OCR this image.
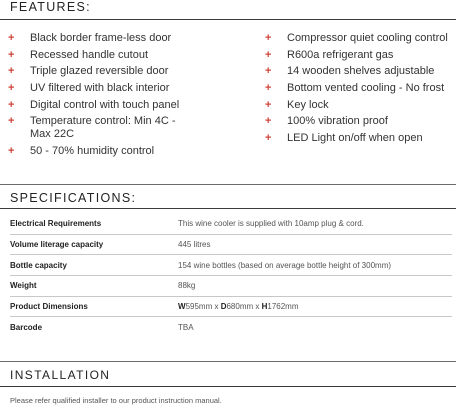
FEATURES:
+	Black border frame-less door
+	Recessed handle cutout
+	Triple glazed reversible door
+	UV filtered with black interior
+	Digital control with touch panel
+	Temperature control: Min 4C - Max 22C
+	50 - 70% humidity control
+	Compressor quiet cooling control
+	R600a refrigerant gas
+	14 wooden shelves adjustable
+	Bottom vented cooling - No frost
+	Key lock
+	100% vibration proof
+	LED Light on/off when open
SPECIFICATIONS:
Electrical Requirements	This wine cooler is supplied with 10amp plug & cord.
Volume literage capacity	445 litres
Bottle capacity	154 wine bottles (based on average bottle height of 300mm)
Weight	88kg
Product Dimensions	W595mm x D680mm x H1762mm
Barcode	TBA
INSTALLATION
Please refer qualified installer to our product instruction manual.
